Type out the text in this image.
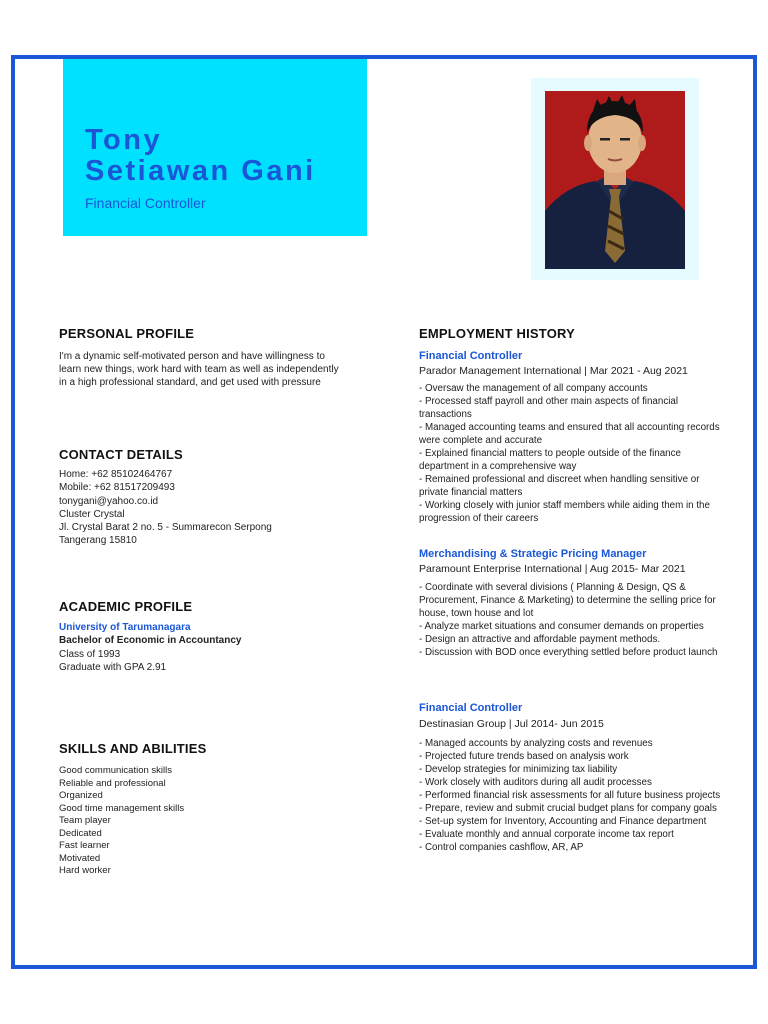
Tony
Setiawan Gani
Financial Controller
PERSONAL PROFILE
I'm a dynamic self-motivated person and have willingness to
learn new things, work hard with team as well as independently
in a high professional standard, and get used with pressure
CONTACT DETAILS
Home: +62 85102464767
Mobile: +62 81517209493
tonygani@yahoo.co.id
Cluster Crystal
Jl. Crystal Barat 2 no. 5 - Summarecon Serpong
Tangerang 15810
ACADEMIC PROFILE
University of Tarumanagara
Bachelor of Economic in Accountancy
Class of 1993
Graduate with GPA 2.91
SKILLS AND ABILITIES
Good communication skills
Reliable and professional
Organized
Good time management skills
Team player
Dedicated
Fast learner
Motivated
Hard worker
EMPLOYMENT HISTORY
Financial Controller
Parador Management International | Mar 2021 - Aug 2021
- Oversaw the management of all company accounts
- Processed staff payroll and other main aspects of financial transactions
- Managed accounting teams and ensured that all accounting records were complete and accurate
- Explained financial matters to people outside of the finance department in a comprehensive way
- Remained professional and discreet when handling sensitive or private financial matters
- Working closely with junior staff members while aiding them in the progression of their careers
Merchandising & Strategic Pricing Manager
Paramount Enterprise International | Aug 2015- Mar 2021
- Coordinate with several divisions ( Planning & Design, QS & Procurement, Finance & Marketing) to determine the selling price for house, town house and lot
- Analyze market situations and consumer demands on properties
- Design an attractive and affordable payment methods.
- Discussion with BOD once everything settled before product launch
Financial Controller
Destinasian Group | Jul 2014- Jun 2015
- Managed accounts by analyzing costs and revenues
- Projected future trends based on analysis work
- Develop strategies for minimizing tax liability
- Work closely with auditors during all audit processes
- Performed financial risk assessments for all future business projects
- Prepare, review and submit crucial budget plans for company goals
- Set-up system for Inventory, Accounting and Finance department
- Evaluate monthly and annual corporate income tax report
- Control companies cashflow, AR, AP
